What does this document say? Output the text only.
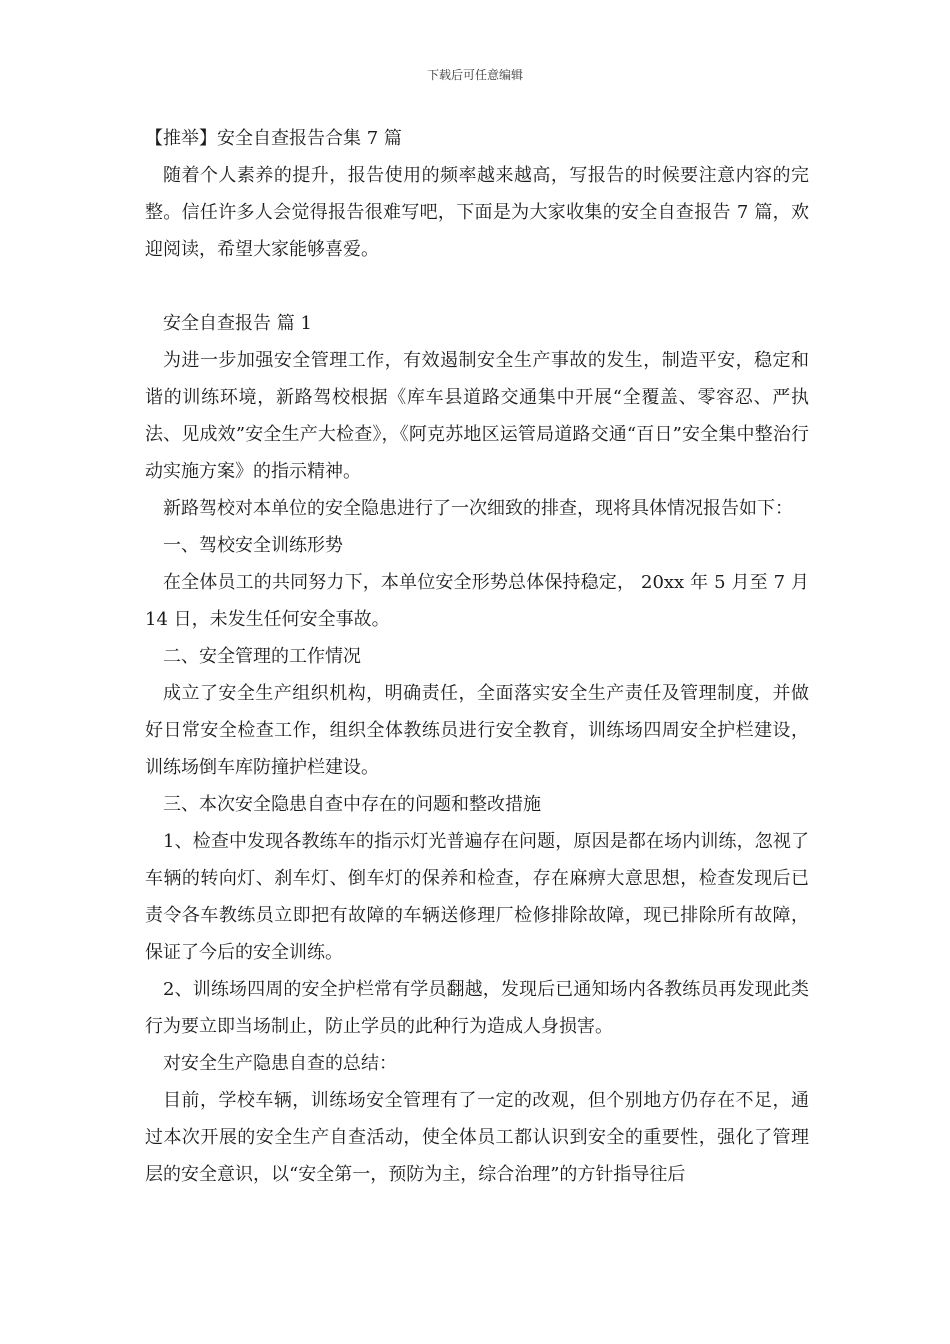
下载后可任意编辑

【推举】安全自查报告合集 7 篇

随着个人素养的提升，报告使用的频率越来越高，写报告的时候要注意内容的完整。信任许多人会觉得报告很难写吧，下面是为大家收集的安全自查报告 7 篇，欢迎阅读，希望大家能够喜爱。

安全自查报告 篇 1

为进一步加强安全管理工作，有效遏制安全生产事故的发生，制造平安，稳定和谐的训练环境，新路驾校根据《库车县道路交通集中开展“全覆盖、零容忍、严执法、见成效”安全生产大检查》，《阿克苏地区运管局道路交通“百日”安全集中整治行动实施方案》的指示精神。

新路驾校对本单位的安全隐患进行了一次细致的排查，现将具体情况报告如下：

一、驾校安全训练形势

在全体员工的共同努力下，本单位安全形势总体保持稳定， 20xx 年 5 月至 7 月 14 日，未发生任何安全事故。

二、安全管理的工作情况

成立了安全生产组织机构，明确责任，全面落实安全生产责任及管理制度，并做好日常安全检查工作，组织全体教练员进行安全教育，训练场四周安全护栏建设，训练场倒车库防撞护栏建设。

三、本次安全隐患自查中存在的问题和整改措施

1、检查中发现各教练车的指示灯光普遍存在问题，原因是都在场内训练，忽视了车辆的转向灯、刹车灯、倒车灯的保养和检查，存在麻痹大意思想，检查发现后已责令各车教练员立即把有故障的车辆送修理厂检修排除故障，现已排除所有故障，保证了今后的安全训练。

2、训练场四周的安全护栏常有学员翻越，发现后已通知场内各教练员再发现此类行为要立即当场制止，防止学员的此种行为造成人身损害。

对安全生产隐患自查的总结：

目前，学校车辆，训练场安全管理有了一定的改观，但个别地方仍存在不足，通过本次开展的安全生产自查活动，使全体员工都认识到安全的重要性，强化了管理层的安全意识，以“安全第一，预防为主，综合治理”的方针指导往后
